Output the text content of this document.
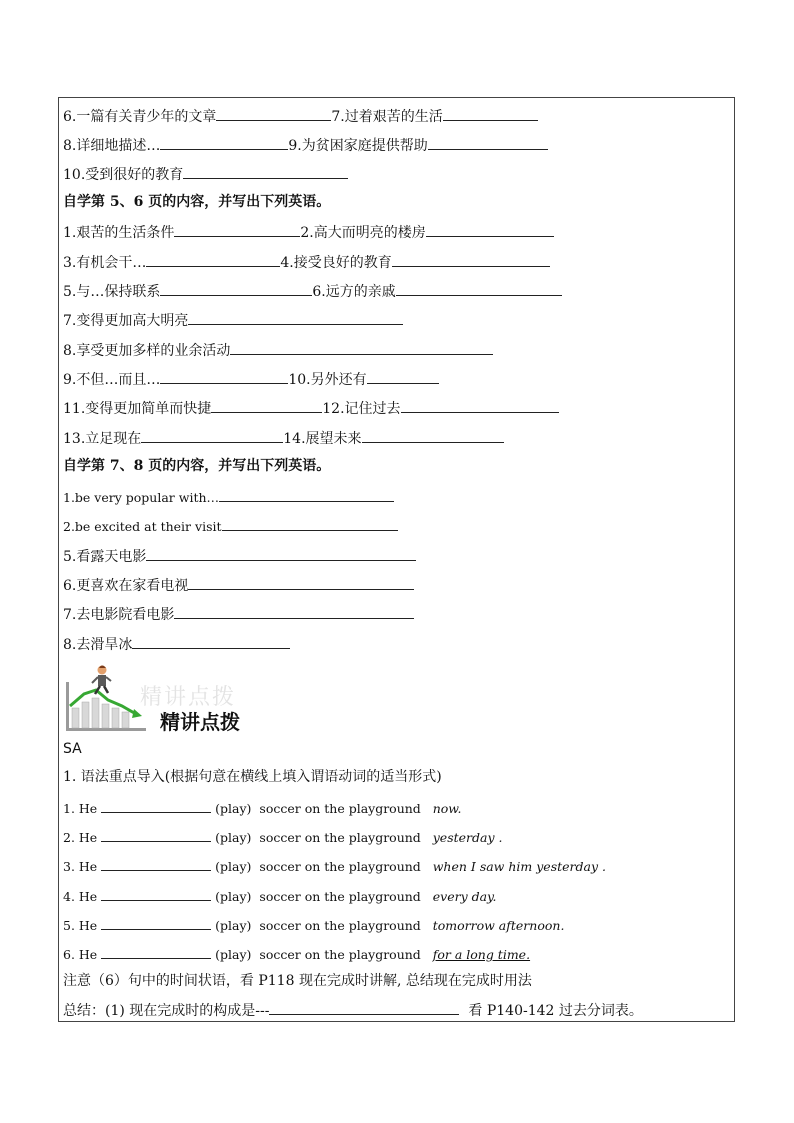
6.一篇有关青少年的文章	7.过着艰苦的生活
8.详细地描述…	9.为贫困家庭提供帮助
10.受到很好的教育
自学第 5、6 页的内容，并写出下列英语。
1.艰苦的生活条件	2.高大而明亮的楼房
3.有机会干…	4.接受良好的教育
5.与…保持联系	6.远方的亲戚
7.变得更加高大明亮
8.享受更加多样的业余活动
9.不但…而且…	10.另外还有
11.变得更加简单而快捷	12.记住过去
13.立足现在	14.展望未来
自学第 7、8 页的内容，并写出下列英语。
1.be very popular with…
2.be excited at their visit
5.看露天电影
6.更喜欢在家看电视
7.去电影院看电影
8.去滑旱冰
精讲点拨
精讲点拨
SA
1. 语法重点导入(根据句意在横线上填入谓语动词的适当形式)
1. He	(play) soccer on the playground now.
2. He	(play) soccer on the playground yesterday .
3. He	(play) soccer on the playground when I saw him yesterday .
4. He	(play) soccer on the playground every day.
5. He	(play) soccer on the playground tomorrow afternoon.
6. He	(play) soccer on the playground for a long time.
注意（6）句中的时间状语，看 P118 现在完成时讲解, 总结现在完成时用法
总结：(1) 现在完成时的构成是---	看 P140-142 过去分词表。
